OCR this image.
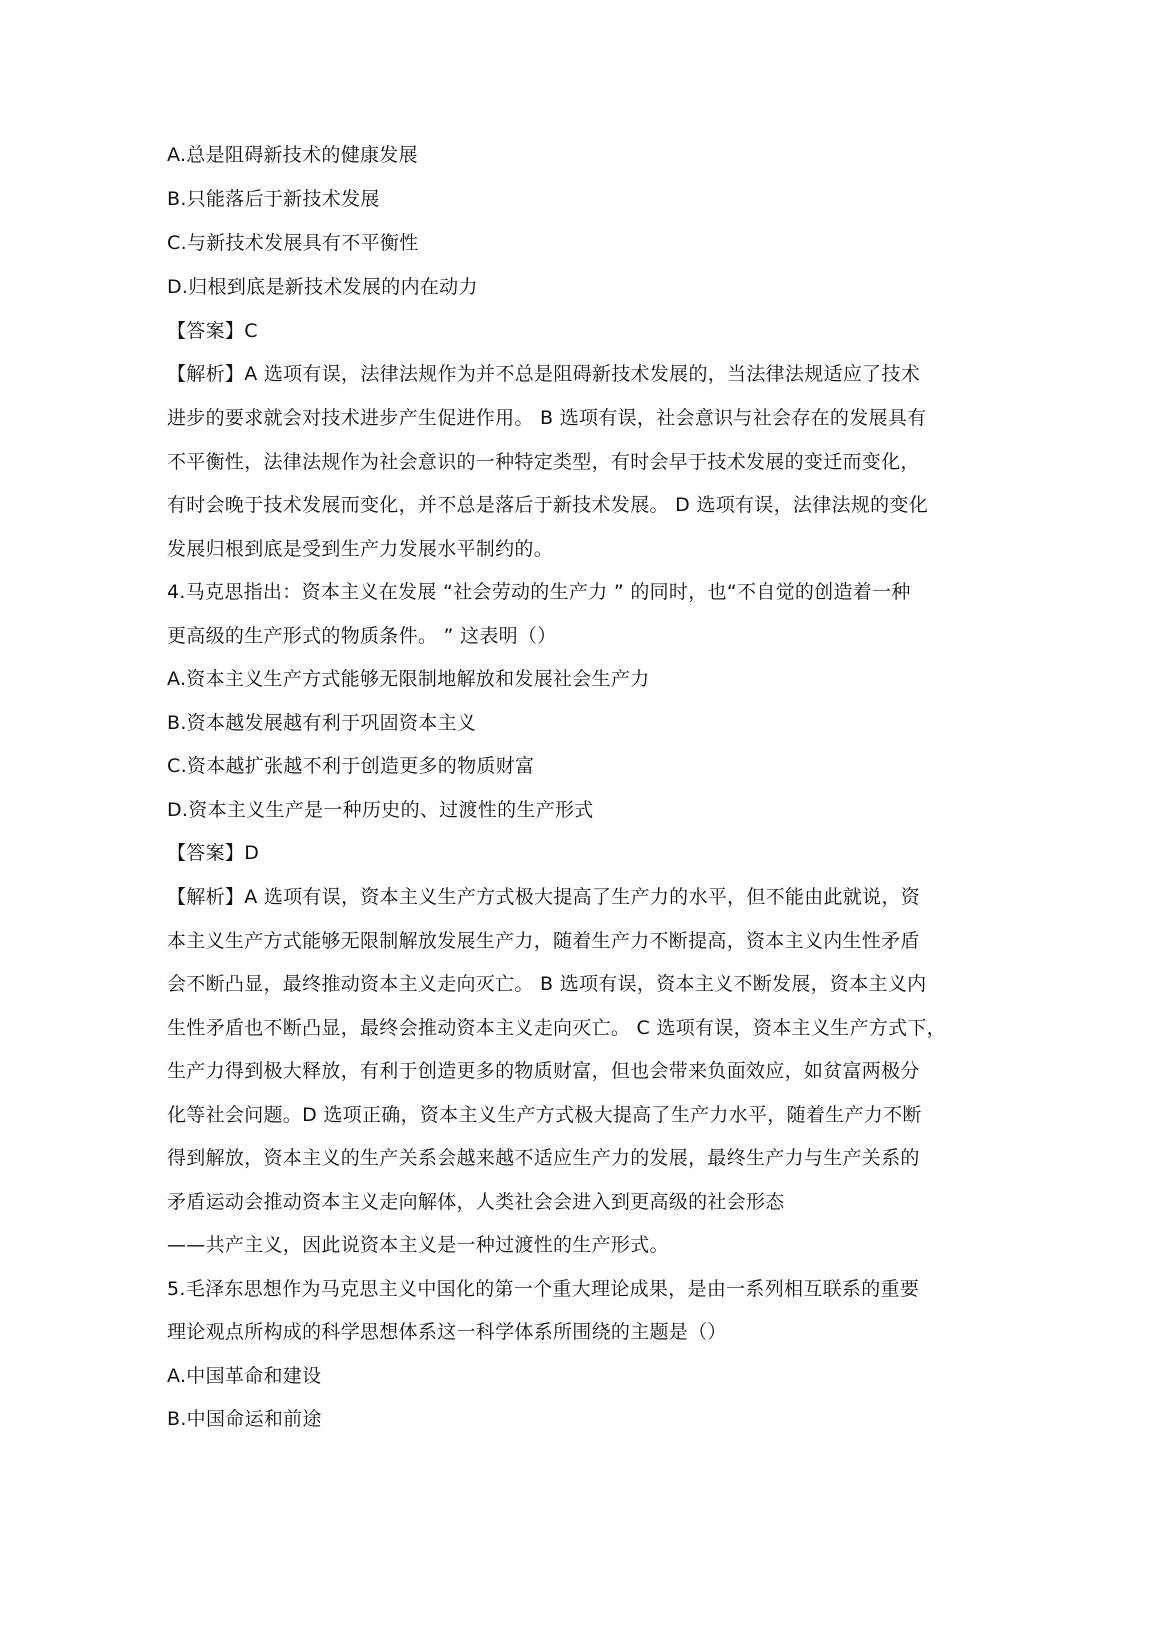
A.总是阻碍新技术的健康发展
B.只能落后于新技术发展
C.与新技术发展具有不平衡性
D.归根到底是新技术发展的内在动力
【答案】C
【解析】A 选项有误，法律法规作为并不总是阻碍新技术发展的，当法律法规适应了技术
进步的要求就会对技术进步产生促进作用。 B 选项有误，社会意识与社会存在的发展具有
不平衡性，法律法规作为社会意识的一种特定类型，有时会早于技术发展的变迁而变化，
有时会晚于技术发展而变化，并不总是落后于新技术发展。 D 选项有误，法律法规的变化
发展归根到底是受到生产力发展水平制约的。
4.马克思指出：资本主义在发展 “社会劳动的生产力 ” 的同时，也“不自觉的创造着一种
更高级的生产形式的物质条件。 ” 这表明（）
A.资本主义生产方式能够无限制地解放和发展社会生产力
B.资本越发展越有利于巩固资本主义
C.资本越扩张越不利于创造更多的物质财富
D.资本主义生产是一种历史的、过渡性的生产形式
【答案】D
【解析】A 选项有误，资本主义生产方式极大提高了生产力的水平，但不能由此就说，资
本主义生产方式能够无限制解放发展生产力，随着生产力不断提高，资本主义内生性矛盾
会不断凸显，最终推动资本主义走向灭亡。 B 选项有误，资本主义不断发展，资本主义内
生性矛盾也不断凸显，最终会推动资本主义走向灭亡。 C 选项有误，资本主义生产方式下，
生产力得到极大释放，有利于创造更多的物质财富，但也会带来负面效应，如贫富两极分
化等社会问题。D 选项正确，资本主义生产方式极大提高了生产力水平，随着生产力不断
得到解放，资本主义的生产关系会越来越不适应生产力的发展，最终生产力与生产关系的
矛盾运动会推动资本主义走向解体，人类社会会进入到更高级的社会形态
——共产主义，因此说资本主义是一种过渡性的生产形式。
5.毛泽东思想作为马克思主义中国化的第一个重大理论成果，是由一系列相互联系的重要
理论观点所构成的科学思想体系这一科学体系所围绕的主题是（）
A.中国革命和建设
B.中国命运和前途
